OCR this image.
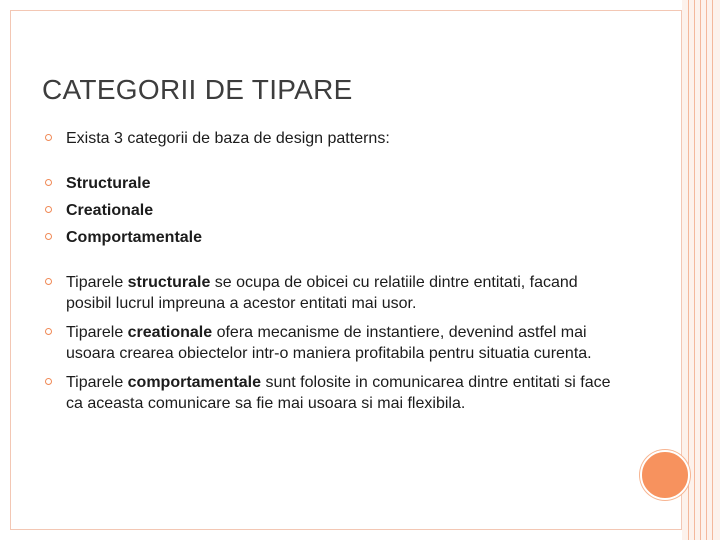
CATEGORII DE TIPARE
Exista 3 categorii de baza de design patterns:
Structurale
Creationale
Comportamentale
Tiparele structurale se ocupa de obicei cu relatiile dintre entitati, facand posibil lucrul impreuna a acestor entitati mai usor.
Tiparele creationale ofera mecanisme de instantiere, devenind astfel mai usoara crearea obiectelor intr-o maniera profitabila pentru situatia curenta.
Tiparele comportamentale sunt folosite in comunicarea dintre entitati si face ca aceasta comunicare sa fie mai usoara si mai flexibila.
